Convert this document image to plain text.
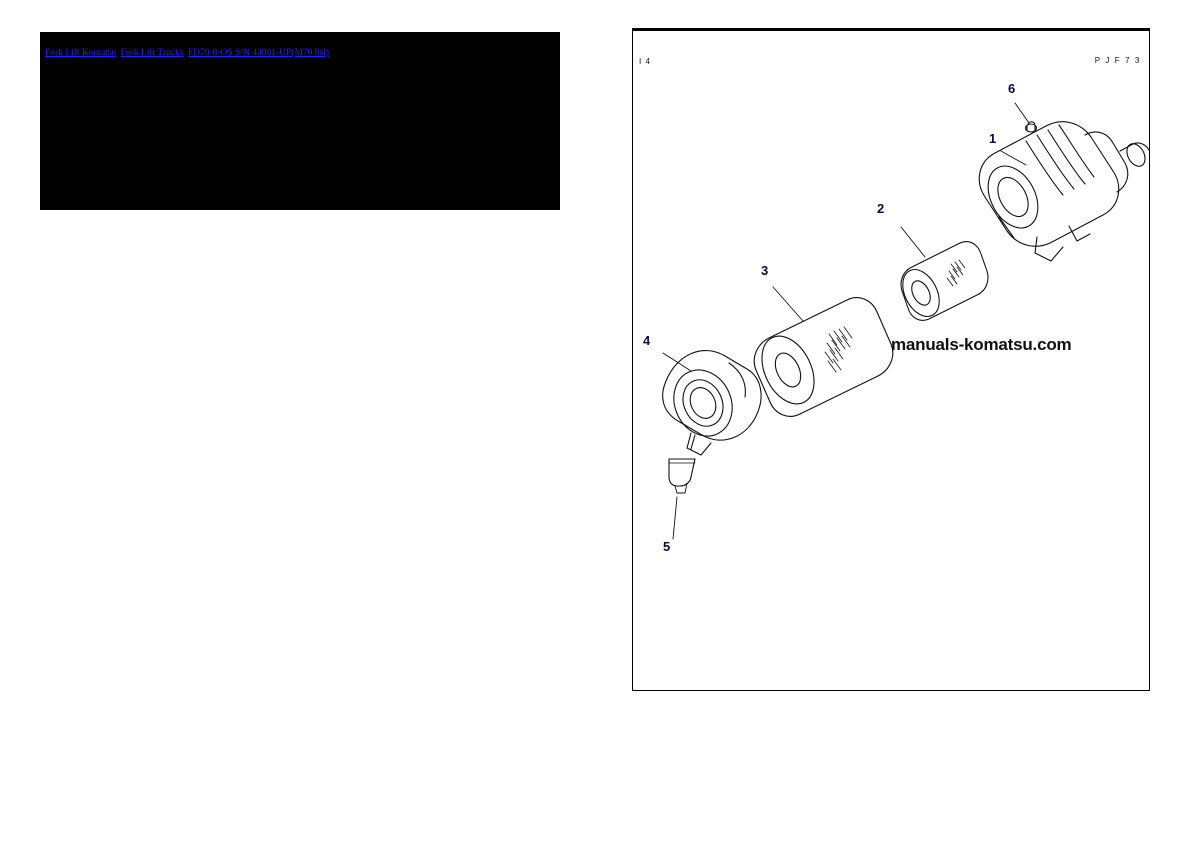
Fork Lift Komatsu Fork Lift Trucks FD70-8-OS S/N 44801-UP(M70 8sl)
I 4	P J F 7 3
1
2
3
4
5
6
manuals-komatsu.com
